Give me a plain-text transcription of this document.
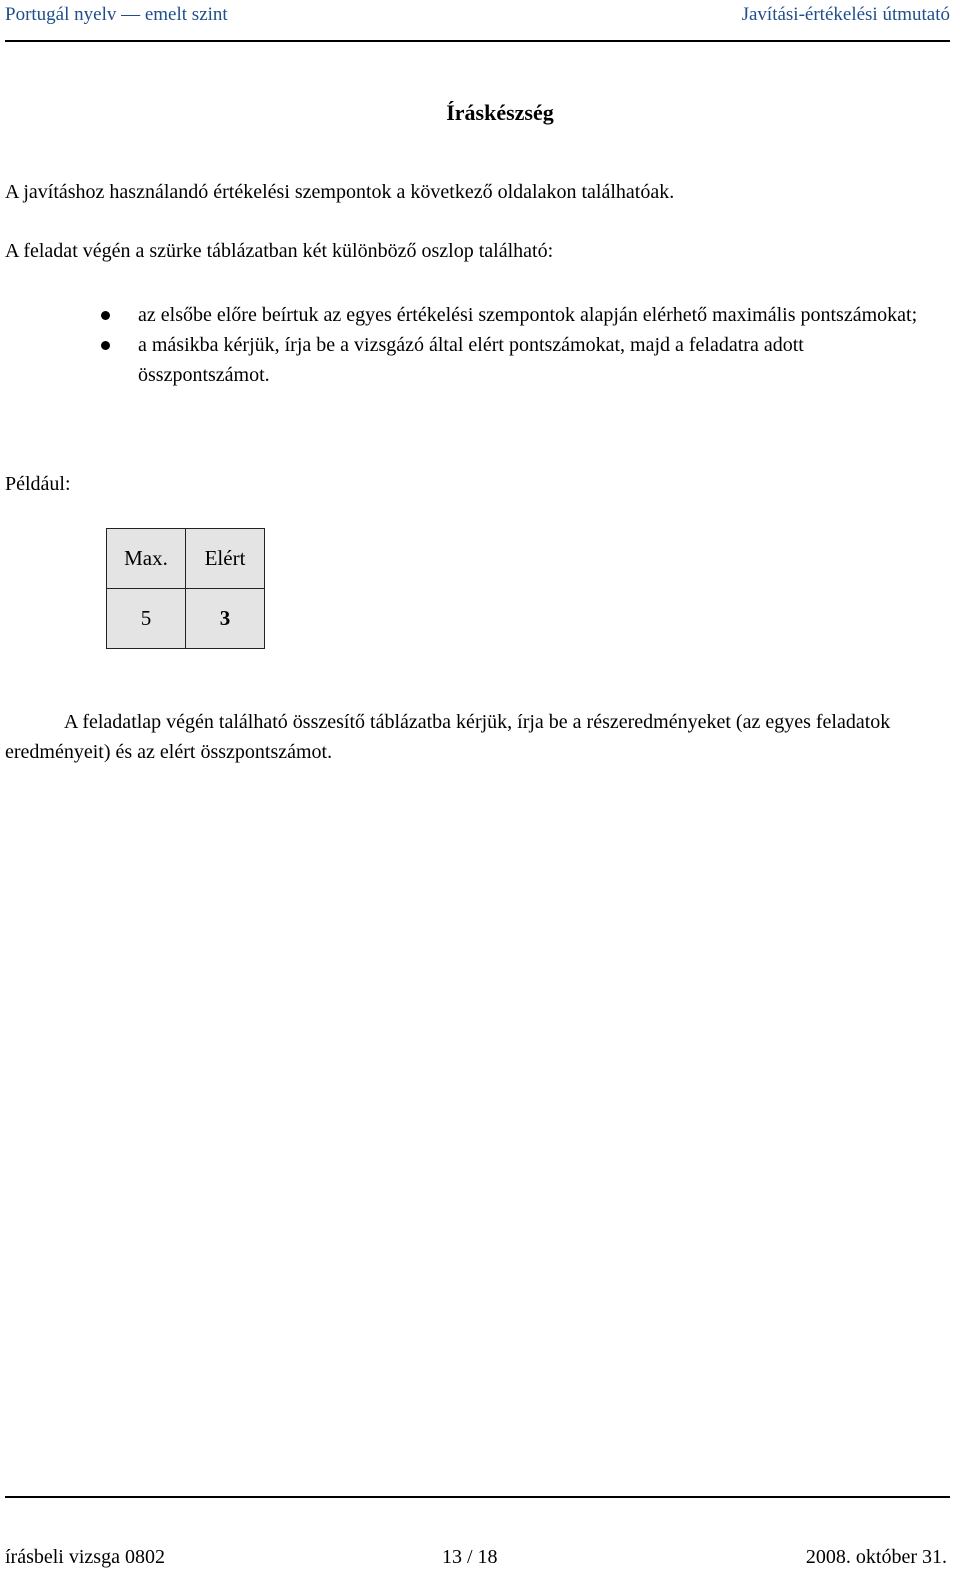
Portugál nyelv — emelt szint	Javítási-értékelési útmutató
Íráskészség
A javításhoz használandó értékelési szempontok a következő oldalakon találhatóak.
A feladat végén a szürke táblázatban két különböző oszlop található:
az elsőbe előre beírtuk az egyes értékelési szempontok alapján elérhető maximális pontszámokat;
a másikba kérjük, írja be a vizsgázó által elért pontszámokat, majd a feladatra adott összpontszámot.
Például:
Max.	Elért
5	3
A feladatlap végén található összesítő táblázatba kérjük, írja be a részeredményeket (az egyes feladatok eredményeit) és az elért összpontszámot.
írásbeli vizsga 0802	13 / 18	2008. október 31.
